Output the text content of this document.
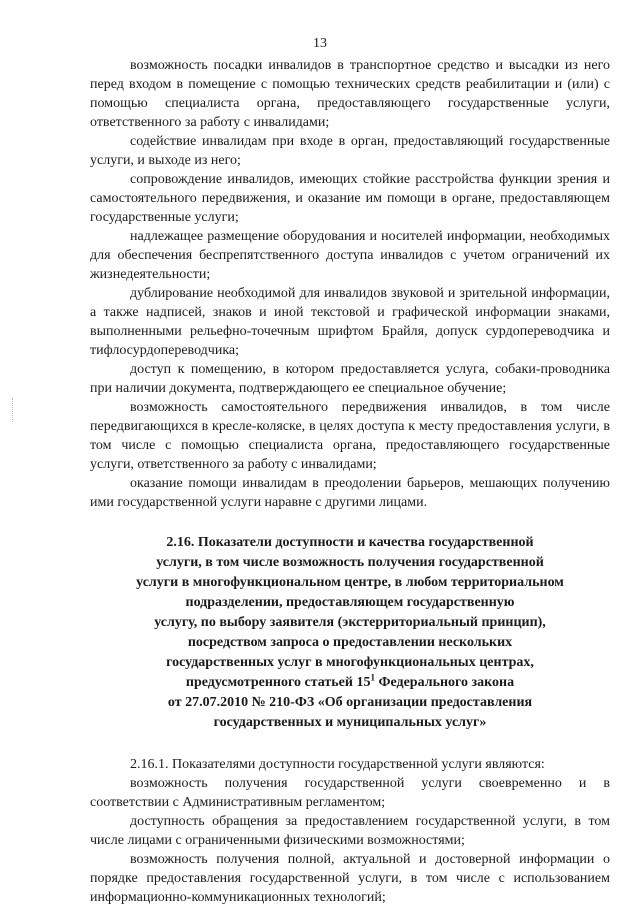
13

возможность посадки инвалидов в транспортное средство и высадки из него перед входом в помещение с помощью технических средств реабилитации и (или) с помощью специалиста органа, предоставляющего государственные услуги, ответственного за работу с инвалидами;

содействие инвалидам при входе в орган, предоставляющий государственные услуги, и выходе из него;

сопровождение инвалидов, имеющих стойкие расстройства функции зрения и самостоятельного передвижения, и оказание им помощи в органе, предоставляющем государственные услуги;

надлежащее размещение оборудования и носителей информации, необходимых для обеспечения беспрепятственного доступа инвалидов с учетом ограничений их жизнедеятельности;

дублирование необходимой для инвалидов звуковой и зрительной информации, а также надписей, знаков и иной текстовой и графической информации знаками, выполненными рельефно-точечным шрифтом Брайля, допуск сурдопереводчика и тифлосурдопереводчика;

доступ к помещению, в котором предоставляется услуга, собаки-проводника при наличии документа, подтверждающего ее специальное обучение;

возможность самостоятельного передвижения инвалидов, в том числе передвигающихся в кресле-коляске, в целях доступа к месту предоставления услуги, в том числе с помощью специалиста органа, предоставляющего государственные услуги, ответственного за работу с инвалидами;

оказание помощи инвалидам в преодолении барьеров, мешающих получению ими государственной услуги наравне с другими лицами.

2.16. Показатели доступности и качества государственной
услуги, в том числе возможность получения государственной
услуги в многофункциональном центре, в любом территориальном
подразделении, предоставляющем государственную
услугу, по выбору заявителя (экстерриториальный принцип),
посредством запроса о предоставлении нескольких
государственных услуг в многофункциональных центрах,
предусмотренного статьей $15^1$ Федерального закона
от 27.07.2010 № 210-ФЗ «Об организации предоставления
государственных и муниципальных услуг»

2.16.1. Показателями доступности государственной услуги являются:

возможность получения государственной услуги своевременно и в соответствии с Административным регламентом;

доступность обращения за предоставлением государственной услуги, в том числе лицами с ограниченными физическими возможностями;

возможность получения полной, актуальной и достоверной информации о порядке предоставления государственной услуги, в том числе с использованием информационно-коммуникационных технологий;
